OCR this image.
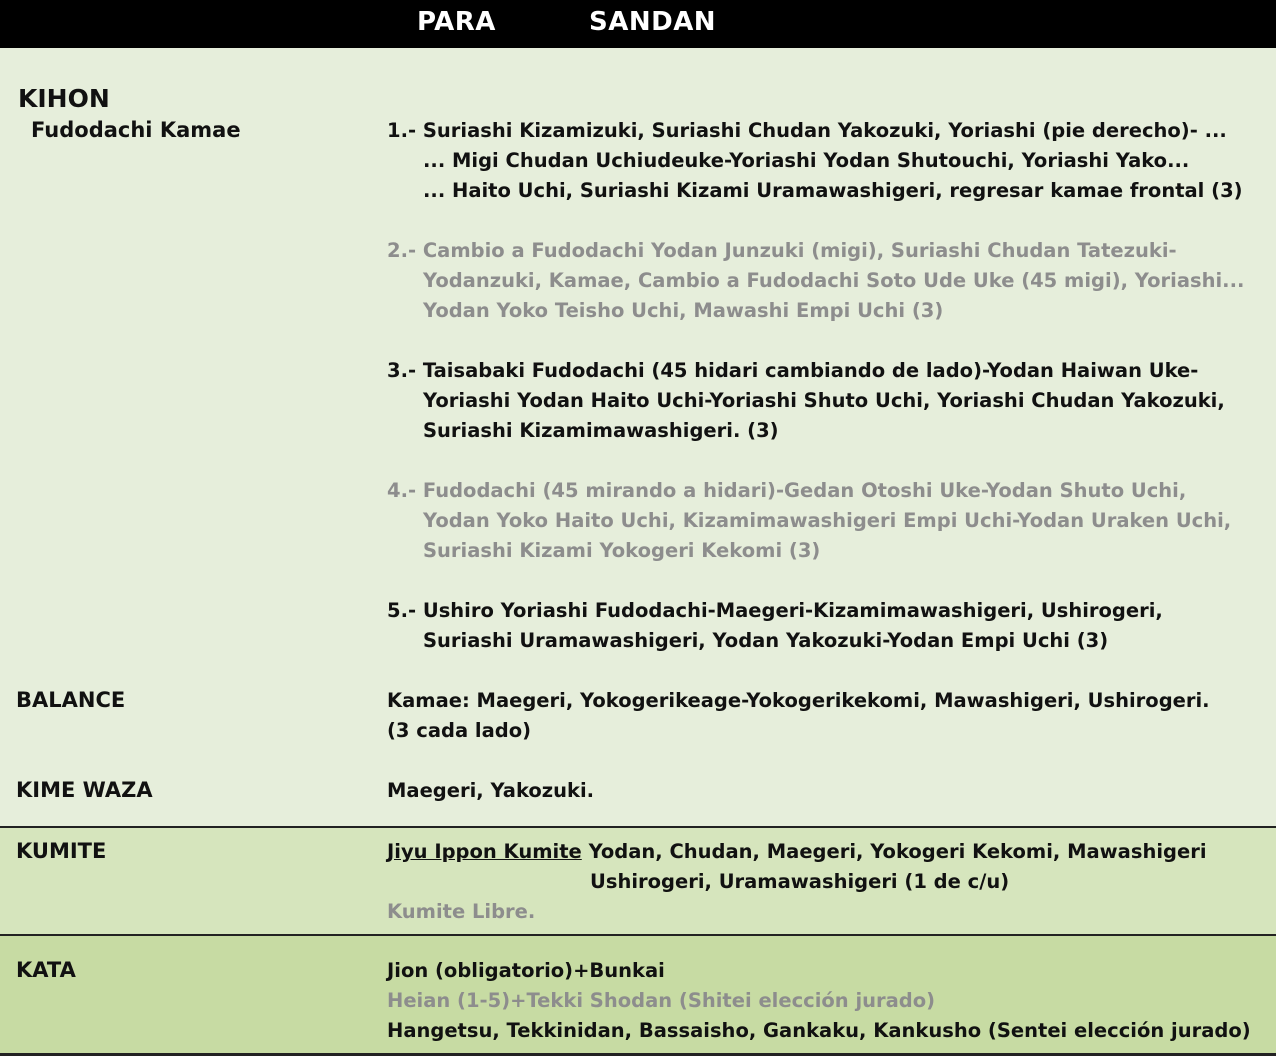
PARA	SANDAN
KIHON
Fudodachi Kamae	1.- Suriashi Kizamizuki, Suriashi Chudan Yakozuki, Yoriashi (pie derecho)- ...
... Migi Chudan Uchiudeuke-Yoriashi Yodan Shutouchi, Yoriashi Yako...
... Haito Uchi, Suriashi Kizami Uramawashigeri, regresar kamae frontal (3)
2.- Cambio a Fudodachi Yodan Junzuki (migi), Suriashi Chudan Tatezuki-
Yodanzuki, Kamae, Cambio a Fudodachi Soto Ude Uke (45 migi), Yoriashi...
Yodan Yoko Teisho Uchi, Mawashi Empi Uchi (3)
3.- Taisabaki Fudodachi (45 hidari cambiando de lado)-Yodan Haiwan Uke-
Yoriashi Yodan Haito Uchi-Yoriashi Shuto Uchi, Yoriashi Chudan Yakozuki,
Suriashi Kizamimawashigeri. (3)
4.- Fudodachi (45 mirando a hidari)-Gedan Otoshi Uke-Yodan Shuto Uchi,
Yodan Yoko Haito Uchi, Kizamimawashigeri Empi Uchi-Yodan Uraken Uchi,
Suriashi Kizami Yokogeri Kekomi (3)
5.- Ushiro Yoriashi Fudodachi-Maegeri-Kizamimawashigeri, Ushirogeri,
Suriashi Uramawashigeri, Yodan Yakozuki-Yodan Empi Uchi (3)
BALANCE	Kamae: Maegeri, Yokogerikeage-Yokogerikekomi, Mawashigeri, Ushirogeri.
(3 cada lado)
KIME WAZA	Maegeri, Yakozuki.
KUMITE	Jiyu Ippon Kumite Yodan, Chudan, Maegeri, Yokogeri Kekomi, Mawashigeri
Ushirogeri, Uramawashigeri (1 de c/u)
Kumite Libre.
KATA	Jion (obligatorio)+Bunkai
Heian (1-5)+Tekki Shodan (Shitei elección jurado)
Hangetsu, Tekkinidan, Bassaisho, Gankaku, Kankusho (Sentei elección jurado)
